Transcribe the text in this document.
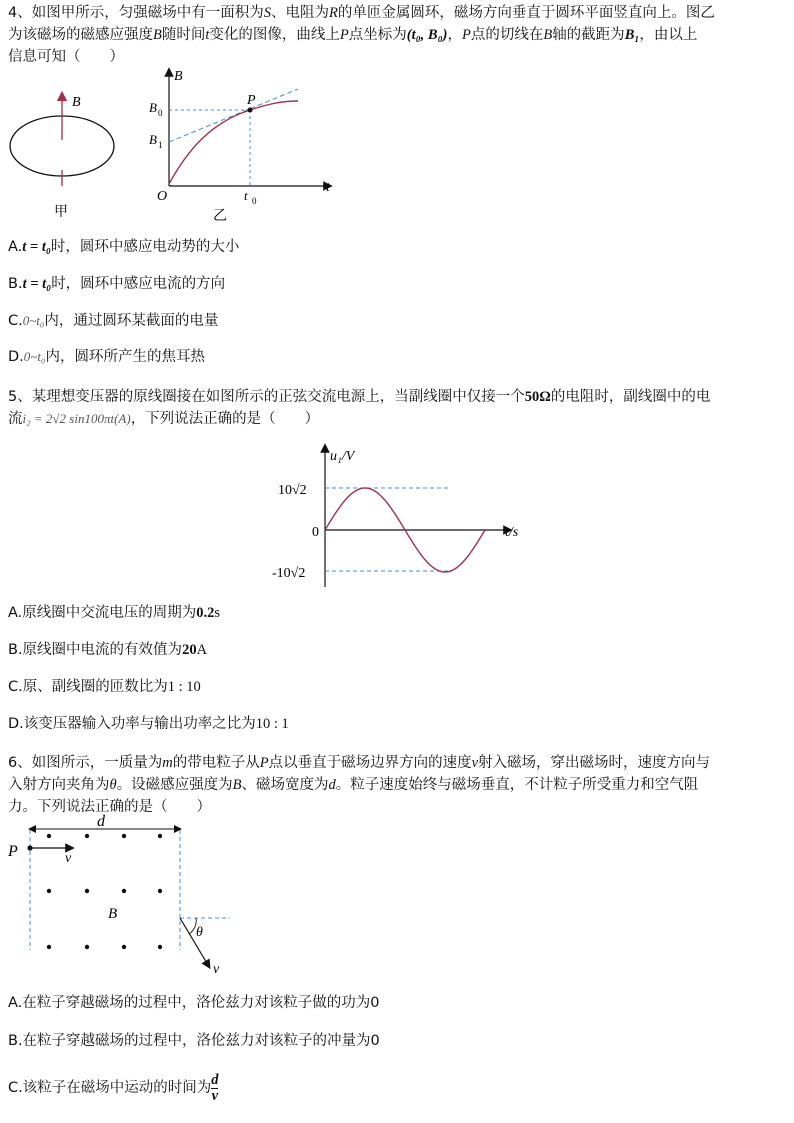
4、如图甲所示，匀强磁场中有一面积为S、电阻为R的单匝金属圆环，磁场方向垂直于圆环平面竖直向上。图乙
为该磁场的磁感应强度B随时间t变化的图像，曲线上P点坐标为(t₀, B₀)，P点的切线在B轴的截距为B₁，由以上
信息可知（　　）
B
甲
B
t
O
P
B 0
B 1
t 0
乙
A.t = t₀时，圆环中感应电动势的大小
B.t = t₀时，圆环中感应电流的方向
C.0~t₀内，通过圆环某截面的电量
D.0~t₀内，圆环所产生的焦耳热
5、某理想变压器的原线圈接在如图所示的正弦交流电源上，当副线圈中仅接一个50Ω的电阻时，副线圈中的电
流i₂ = 2√2 sin100πt(A)，下列说法正确的是（　　）
u₁/V
t/s
0
10√2
-10√2
A.原线圈中交流电压的周期为0.2s
B.原线圈中电流的有效值为20A
C.原、副线圈的匝数比为1 : 10
D.该变压器输入功率与输出功率之比为10 : 1
6、如图所示，一质量为m的带电粒子从P点以垂直于磁场边界方向的速度v射入磁场，穿出磁场时，速度方向与
入射方向夹角为θ。设磁感应强度为B、磁场宽度为d。粒子速度始终与磁场垂直，不计粒子所受重力和空气阻
力。下列说法正确的是（　　）
d
P	v
B
θ
v
A.在粒子穿越磁场的过程中，洛伦兹力对该粒子做的功为0
B.在粒子穿越磁场的过程中，洛伦兹力对该粒子的冲量为0
C.该粒子在磁场中运动的时间为 $\frac{d}{v}$
